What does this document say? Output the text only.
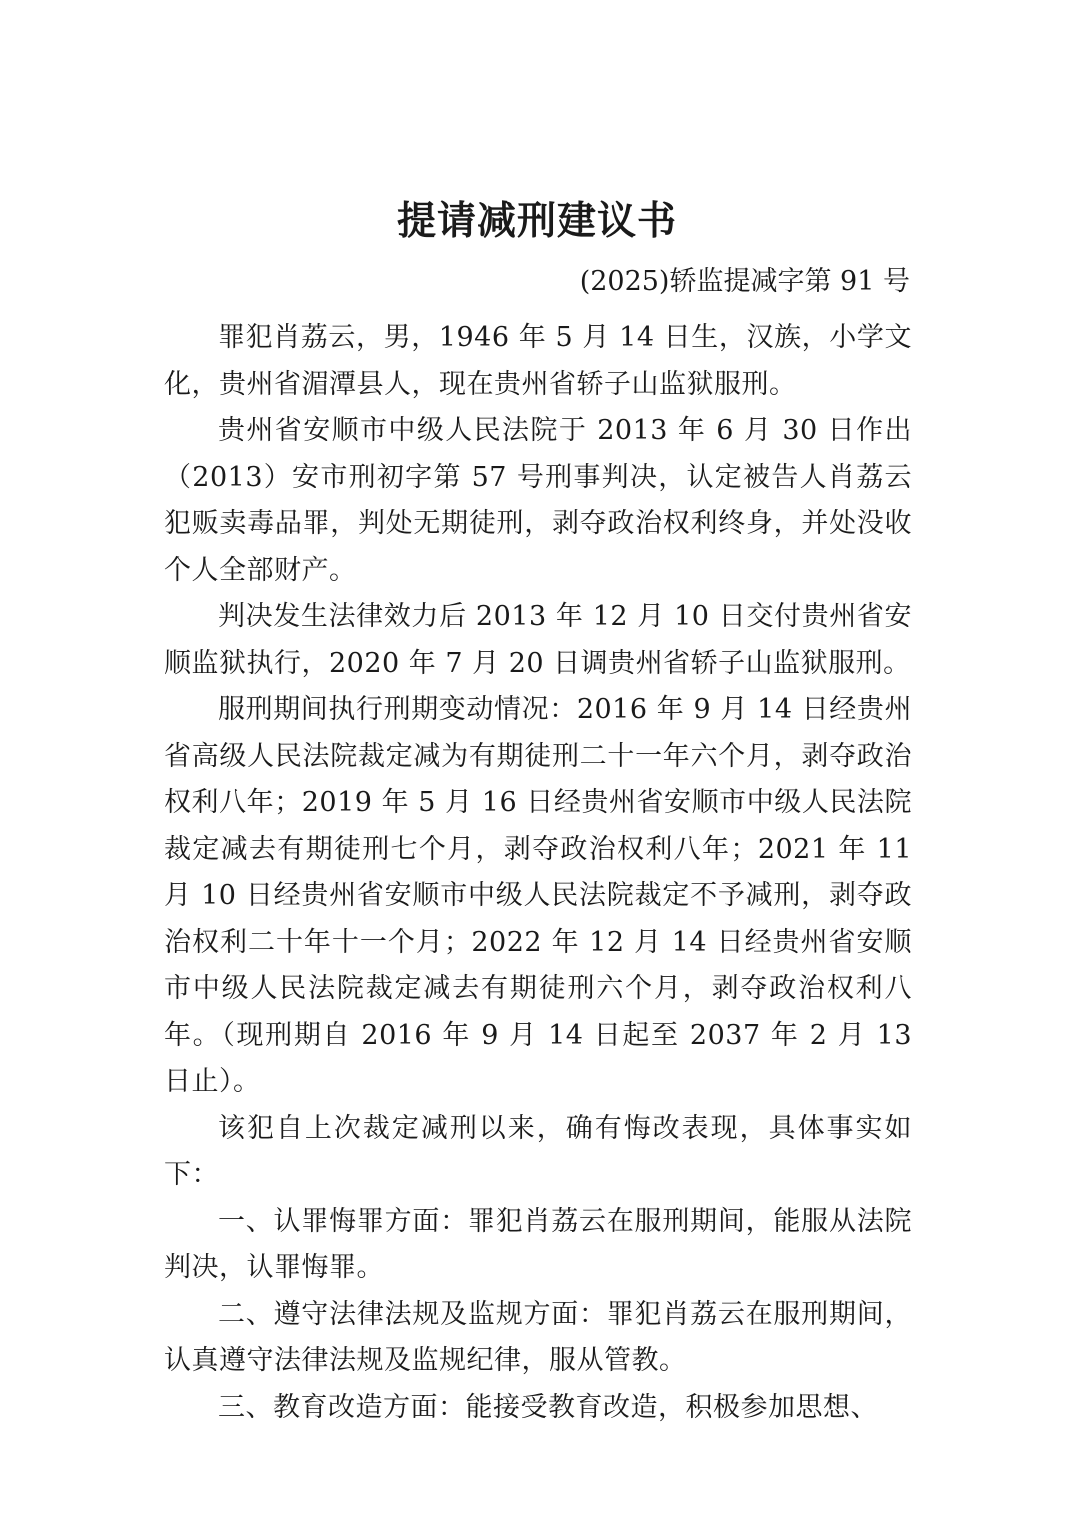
提请减刑建议书
(2025)轿监提减字第 91 号

罪犯肖荔云，男，1946 年 5 月 14 日生，汉族，小学文化，贵州省湄潭县人，现在贵州省轿子山监狱服刑。

贵州省安顺市中级人民法院于 2013 年 6 月 30 日作出（2013）安市刑初字第 57 号刑事判决，认定被告人肖荔云犯贩卖毒品罪，判处无期徒刑，剥夺政治权利终身，并处没收个人全部财产。

判决发生法律效力后 2013 年 12 月 10 日交付贵州省安顺监狱执行，2020 年 7 月 20 日调贵州省轿子山监狱服刑。

服刑期间执行刑期变动情况：2016 年 9 月 14 日经贵州省高级人民法院裁定减为有期徒刑二十一年六个月，剥夺政治权利八年；2019 年 5 月 16 日经贵州省安顺市中级人民法院裁定减去有期徒刑七个月，剥夺政治权利八年；2021 年 11 月 10 日经贵州省安顺市中级人民法院裁定不予减刑，剥夺政治权利二十年十一个月；2022 年 12 月 14 日经贵州省安顺市中级人民法院裁定减去有期徒刑六个月，剥夺政治权利八年。（现刑期自 2016 年 9 月 14 日起至 2037 年 2 月 13 日止）。

该犯自上次裁定减刑以来，确有悔改表现，具体事实如下：

一、认罪悔罪方面：罪犯肖荔云在服刑期间，能服从法院判决，认罪悔罪。

二、遵守法律法规及监规方面：罪犯肖荔云在服刑期间，认真遵守法律法规及监规纪律，服从管教。

三、教育改造方面：能接受教育改造，积极参加思想、
